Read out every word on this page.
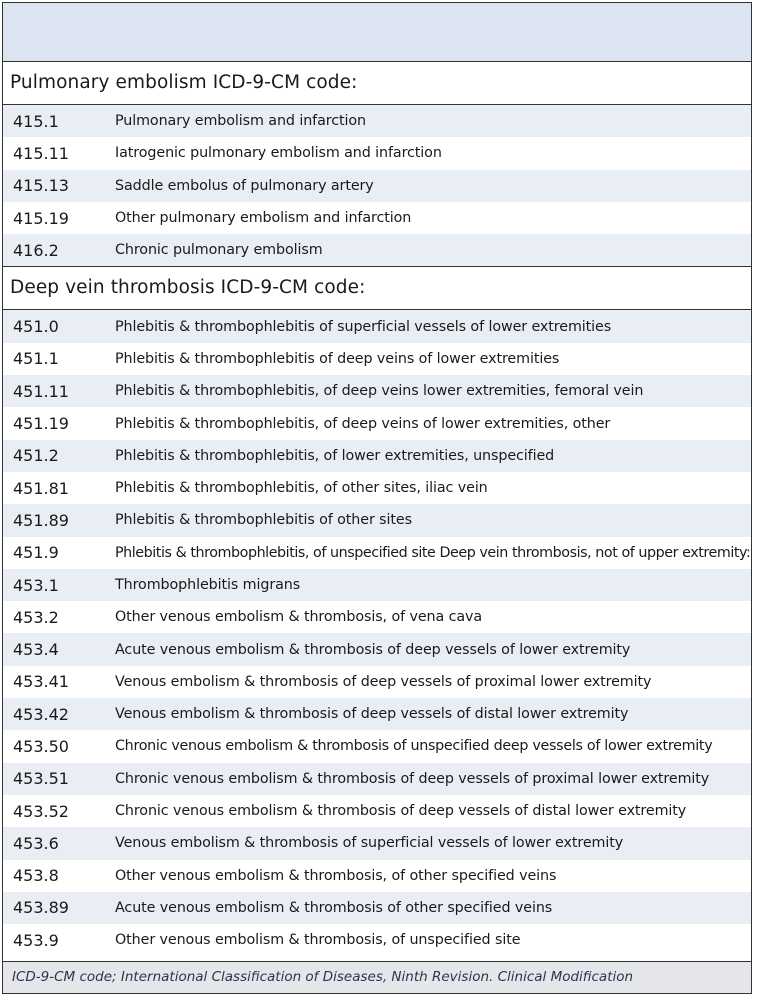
Pulmonary embolism ICD-9-CM code:
415.1	Pulmonary embolism and infarction
415.11	Iatrogenic pulmonary embolism and infarction
415.13	Saddle embolus of pulmonary artery
415.19	Other pulmonary embolism and infarction
416.2	Chronic pulmonary embolism
Deep vein thrombosis ICD-9-CM code:
451.0	Phlebitis & thrombophlebitis of superficial vessels of lower extremities
451.1	Phlebitis & thrombophlebitis of deep veins of lower extremities
451.11	Phlebitis & thrombophlebitis, of deep veins lower extremities, femoral vein
451.19	Phlebitis & thrombophlebitis, of deep veins of lower extremities, other
451.2	Phlebitis & thrombophlebitis, of lower extremities, unspecified
451.81	Phlebitis & thrombophlebitis, of other sites, iliac vein
451.89	Phlebitis & thrombophlebitis of other sites
451.9	Phlebitis & thrombophlebitis, of unspecified site Deep vein thrombosis, not of upper extremity:
453.1	Thrombophlebitis migrans
453.2	Other venous embolism & thrombosis, of vena cava
453.4	Acute venous embolism & thrombosis of deep vessels of lower extremity
453.41	Venous embolism & thrombosis of deep vessels of proximal lower extremity
453.42	Venous embolism & thrombosis of deep vessels of distal lower extremity
453.50	Chronic venous embolism & thrombosis of unspecified deep vessels of lower extremity
453.51	Chronic venous embolism & thrombosis of deep vessels of proximal lower extremity
453.52	Chronic venous embolism & thrombosis of deep vessels of distal lower extremity
453.6	Venous embolism & thrombosis of superficial vessels of lower extremity
453.8	Other venous embolism & thrombosis, of other specified veins
453.89	Acute venous embolism & thrombosis of other specified veins
453.9	Other venous embolism & thrombosis, of unspecified site
ICD-9-CM code; International Classification of Diseases, Ninth Revision. Clinical Modification
